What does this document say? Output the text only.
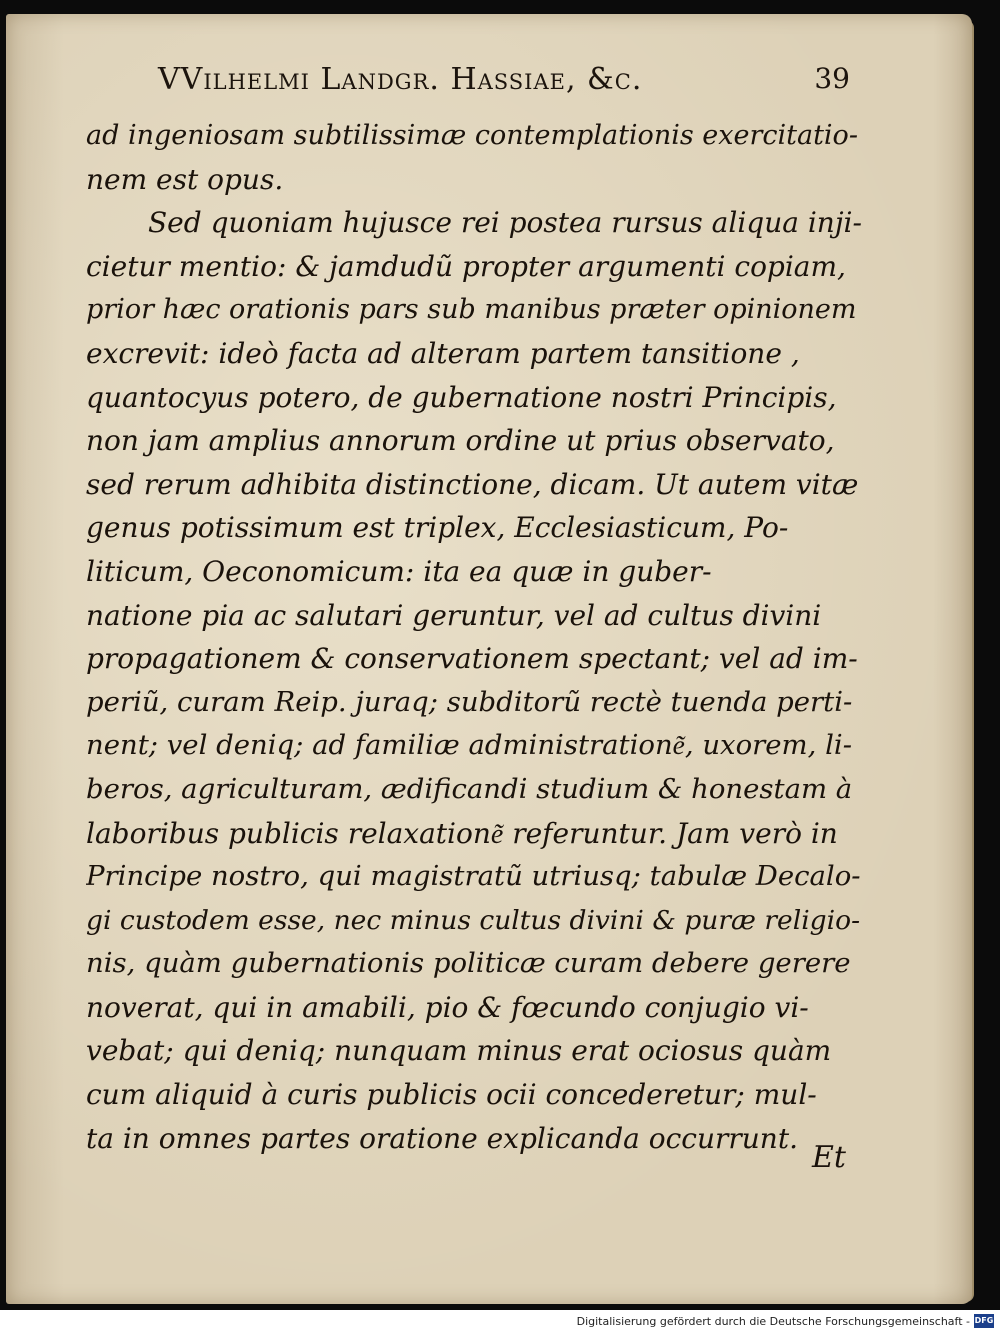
VVilhelmi Landgr. Hassiae, &c.	39
ad ingeniosam subtilissimæ contemplationis exercitatio-
nem est opus.
Sed quoniam hujusce rei postea rursus aliqua inji-
cietur mentio: & jamdudũ propter argumenti copiam,
prior hæc orationis pars sub manibus præter opinionem
excrevit: ideò facta ad alteram partem tansitione ,
quantocyus potero, de gubernatione nostri Principis,
non jam amplius annorum ordine ut prius observato,
sed rerum adhibita distinctione, dicam. Ut autem vitæ
genus potissimum est triplex, Ecclesiasticum, Po-
liticum, Oeconomicum: ita ea quæ in guber-
natione pia ac salutari geruntur, vel ad cultus divini
propagationem & conservationem spectant; vel ad im-
periũ, curam Reip. juraq; subditorũ rectè tuenda perti-
nent; vel deniq; ad familiæ administratione͂, uxorem, li-
beros, agriculturam, ædificandi studium & honestam à
laboribus publicis relaxatione͂ referuntur. Jam verò in
Principe nostro, qui magistratũ utriusq; tabulæ Decalo-
gi custodem esse, nec minus cultus divini & puræ religio-
nis, quàm gubernationis politicæ curam debere gerere
noverat, qui in amabili, pio & fœcundo conjugio vi-
vebat; qui deniq; nunquam minus erat ociosus quàm
cum aliquid à curis publicis ocii concederetur; mul-
ta in omnes partes oratione explicanda occurrunt.
Et
Digitalisierung gefördert durch die Deutsche Forschungsgemeinschaft - DFG
